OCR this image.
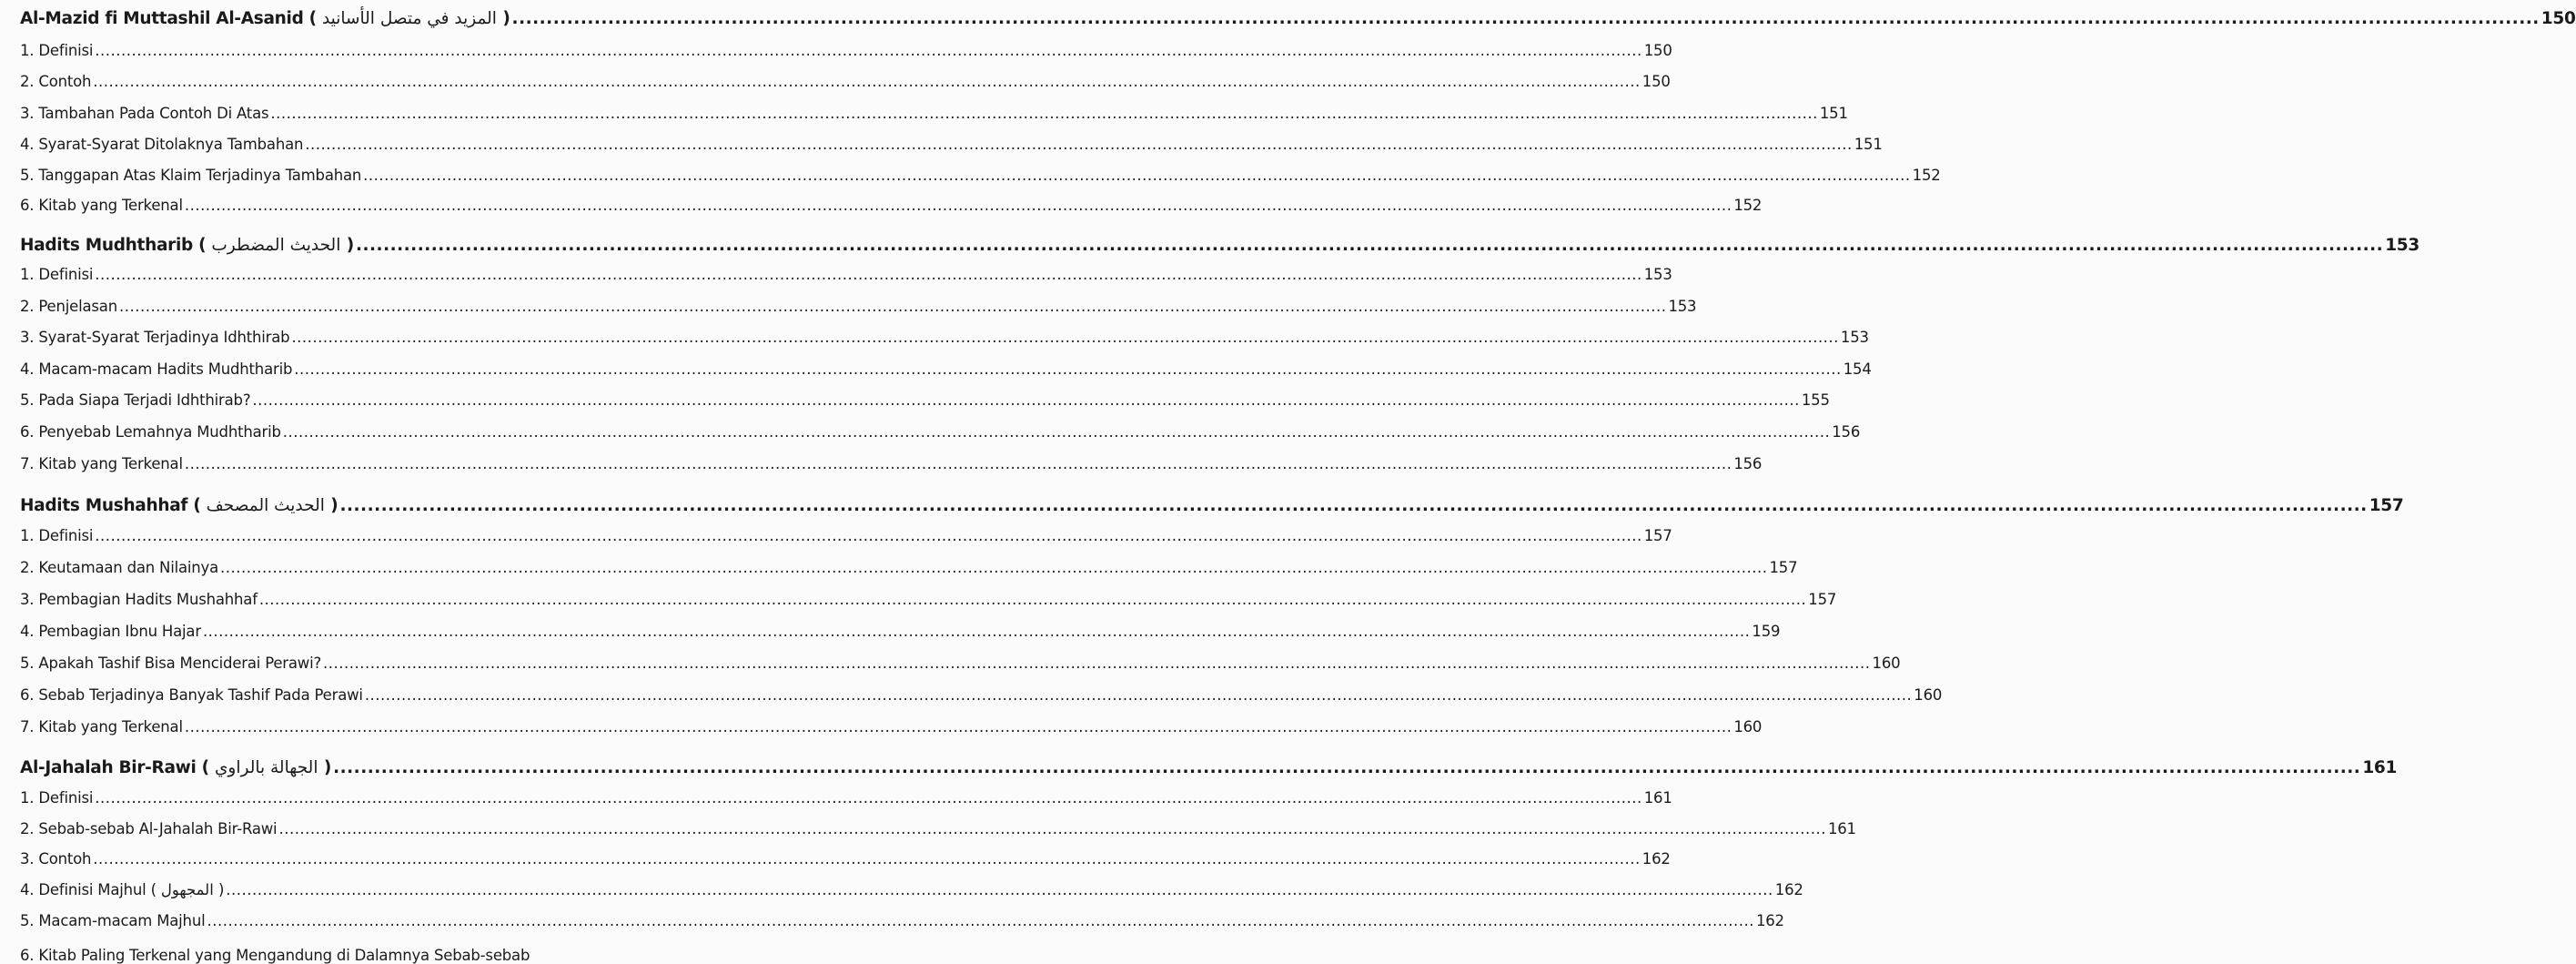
Al-Mazid fi Muttashil Al-Asanid ( المزيد في متصل الأسانيد ) .....	150
1. Definisi .....	150
2. Contoh .....	150
3. Tambahan Pada Contoh Di Atas .....	151
4. Syarat-Syarat Ditolaknya Tambahan .....	151
5. Tanggapan Atas Klaim Terjadinya Tambahan .....	152
6. Kitab yang Terkenal .....	152
Hadits Mudhtharib ( الحديث المضطرب ) .....	153
1. Definisi .....	153
2. Penjelasan .....	153
3. Syarat-Syarat Terjadinya Idhthirab .....	153
4. Macam-macam Hadits Mudhtharib .....	154
5. Pada Siapa Terjadi Idhthirab? .....	155
6. Penyebab Lemahnya Mudhtharib .....	156
7. Kitab yang Terkenal .....	156
Hadits Mushahhaf ( الحديث المصحف ) .....	157
1. Definisi .....	157
2. Keutamaan dan Nilainya .....	157
3. Pembagian Hadits Mushahhaf .....	157
4. Pembagian Ibnu Hajar .....	159
5. Apakah Tashif Bisa Menciderai Perawi? .....	160
6. Sebab Terjadinya Banyak Tashif Pada Perawi .....	160
7. Kitab yang Terkenal .....	160
Al-Jahalah Bir-Rawi ( الجهالة بالراوي ) .....	161
1. Definisi .....	161
2. Sebab-sebab Al-Jahalah Bir-Rawi .....	161
3. Contoh .....	162
4. Definisi Majhul ( المجهول ) .....	162
5. Macam-macam Majhul .....	162
6. Kitab Paling Terkenal yang Mengandung di Dalamnya Sebab-sebab
